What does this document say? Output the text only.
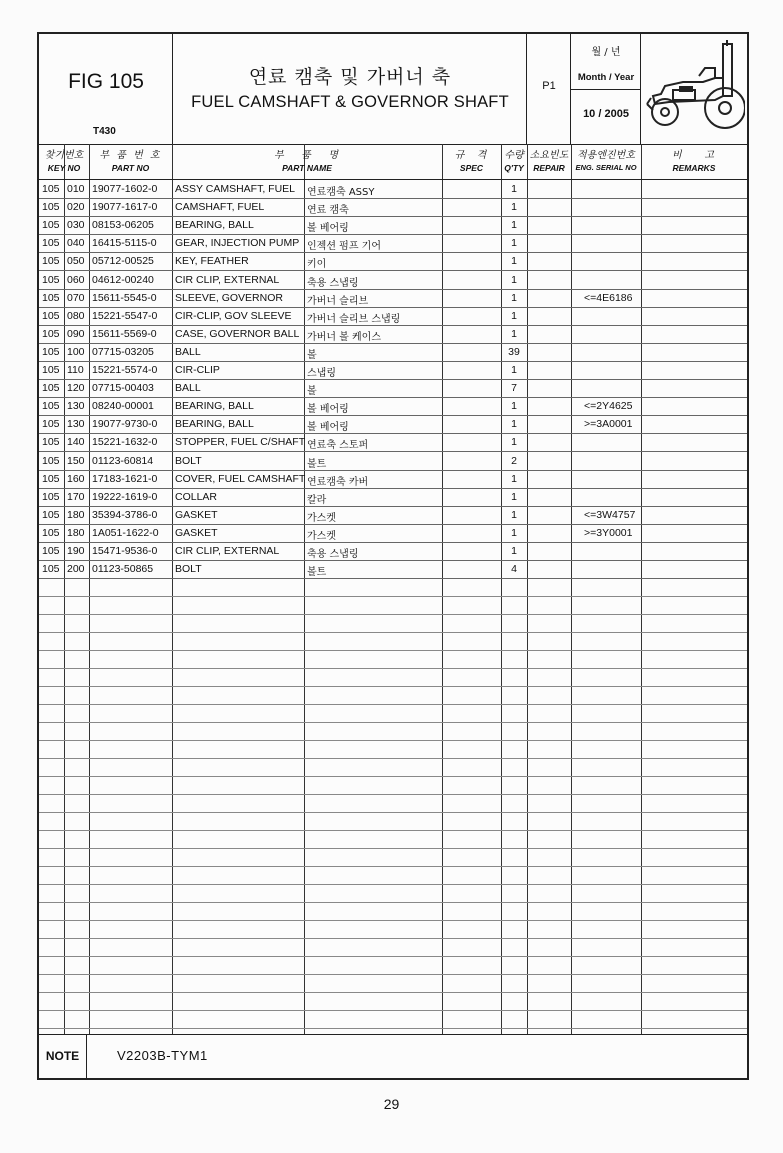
FIG 105
T430
연료 캠축 및 가버너 축
FUEL CAMSHAFT & GOVERNOR SHAFT
P1
월 / 년
Month / Year
10 / 2005
찾기번호
KEY NO
부 품 번 호
PART NO
부   품   명
PART NAME
규  격
SPEC
수량
Q'TY
소요빈도
REPAIR
적용엔진번호
ENG. SERIAL NO
비    고
REMARKS
105 010 19077-1602-0 ASSY CAMSHAFT, FUEL 연료캠축 ASSY	1
105 020 19077-1617-0 CAMSHAFT, FUEL	연료 캠축	1
105 030 08153-06205 BEARING, BALL	볼 베어링	1
105 040 16415-5115-0 GEAR, INJECTION PUMP 인젝션 펌프 기어	1
105 050 05712-00525 KEY, FEATHER	키이	1
105 060 04612-00240 CIR CLIP, EXTERNAL	축용 스냅링	1
105 070 15611-5545-0 SLEEVE, GOVERNOR 가버너 슬리브	1	<=4E6186
105 080 15221-5547-0 CIR-CLIP, GOV SLEEVE 가버너 슬리브 스냅링	1
105 090 15611-5569-0 CASE, GOVERNOR BALL 가버너 볼 케이스	1
105 100 07715-03205 BALL	볼	39
105 110 15221-5574-0 CIR-CLIP	스냅링	1
105 120 07715-00403 BALL	볼	7
105 130 08240-00001 BEARING, BALL	볼 베어링	1	<=2Y4625
105 130 19077-9730-0 BEARING, BALL	볼 베어링	1	>=3A0001
105 140 15221-1632-0 STOPPER, FUEL C/SHAFT 연료축 스토퍼	1
105 150 01123-60814 BOLT	볼트	2
105 160 17183-1621-0 COVER, FUEL CAMSHAFT 연료캠축 카버	1
105 170 19222-1619-0 COLLAR	칼라	1
105 180 35394-3786-0 GASKET	가스켓	1	<=3W4757
105 180 1A051-1622-0 GASKET	가스켓	1	>=3Y0001
105 190 15471-9536-0 CIR CLIP, EXTERNAL	축용 스냅링	1
105 200 01123-50865 BOLT	볼트	4
NOTE	V2203B-TYM1
29
